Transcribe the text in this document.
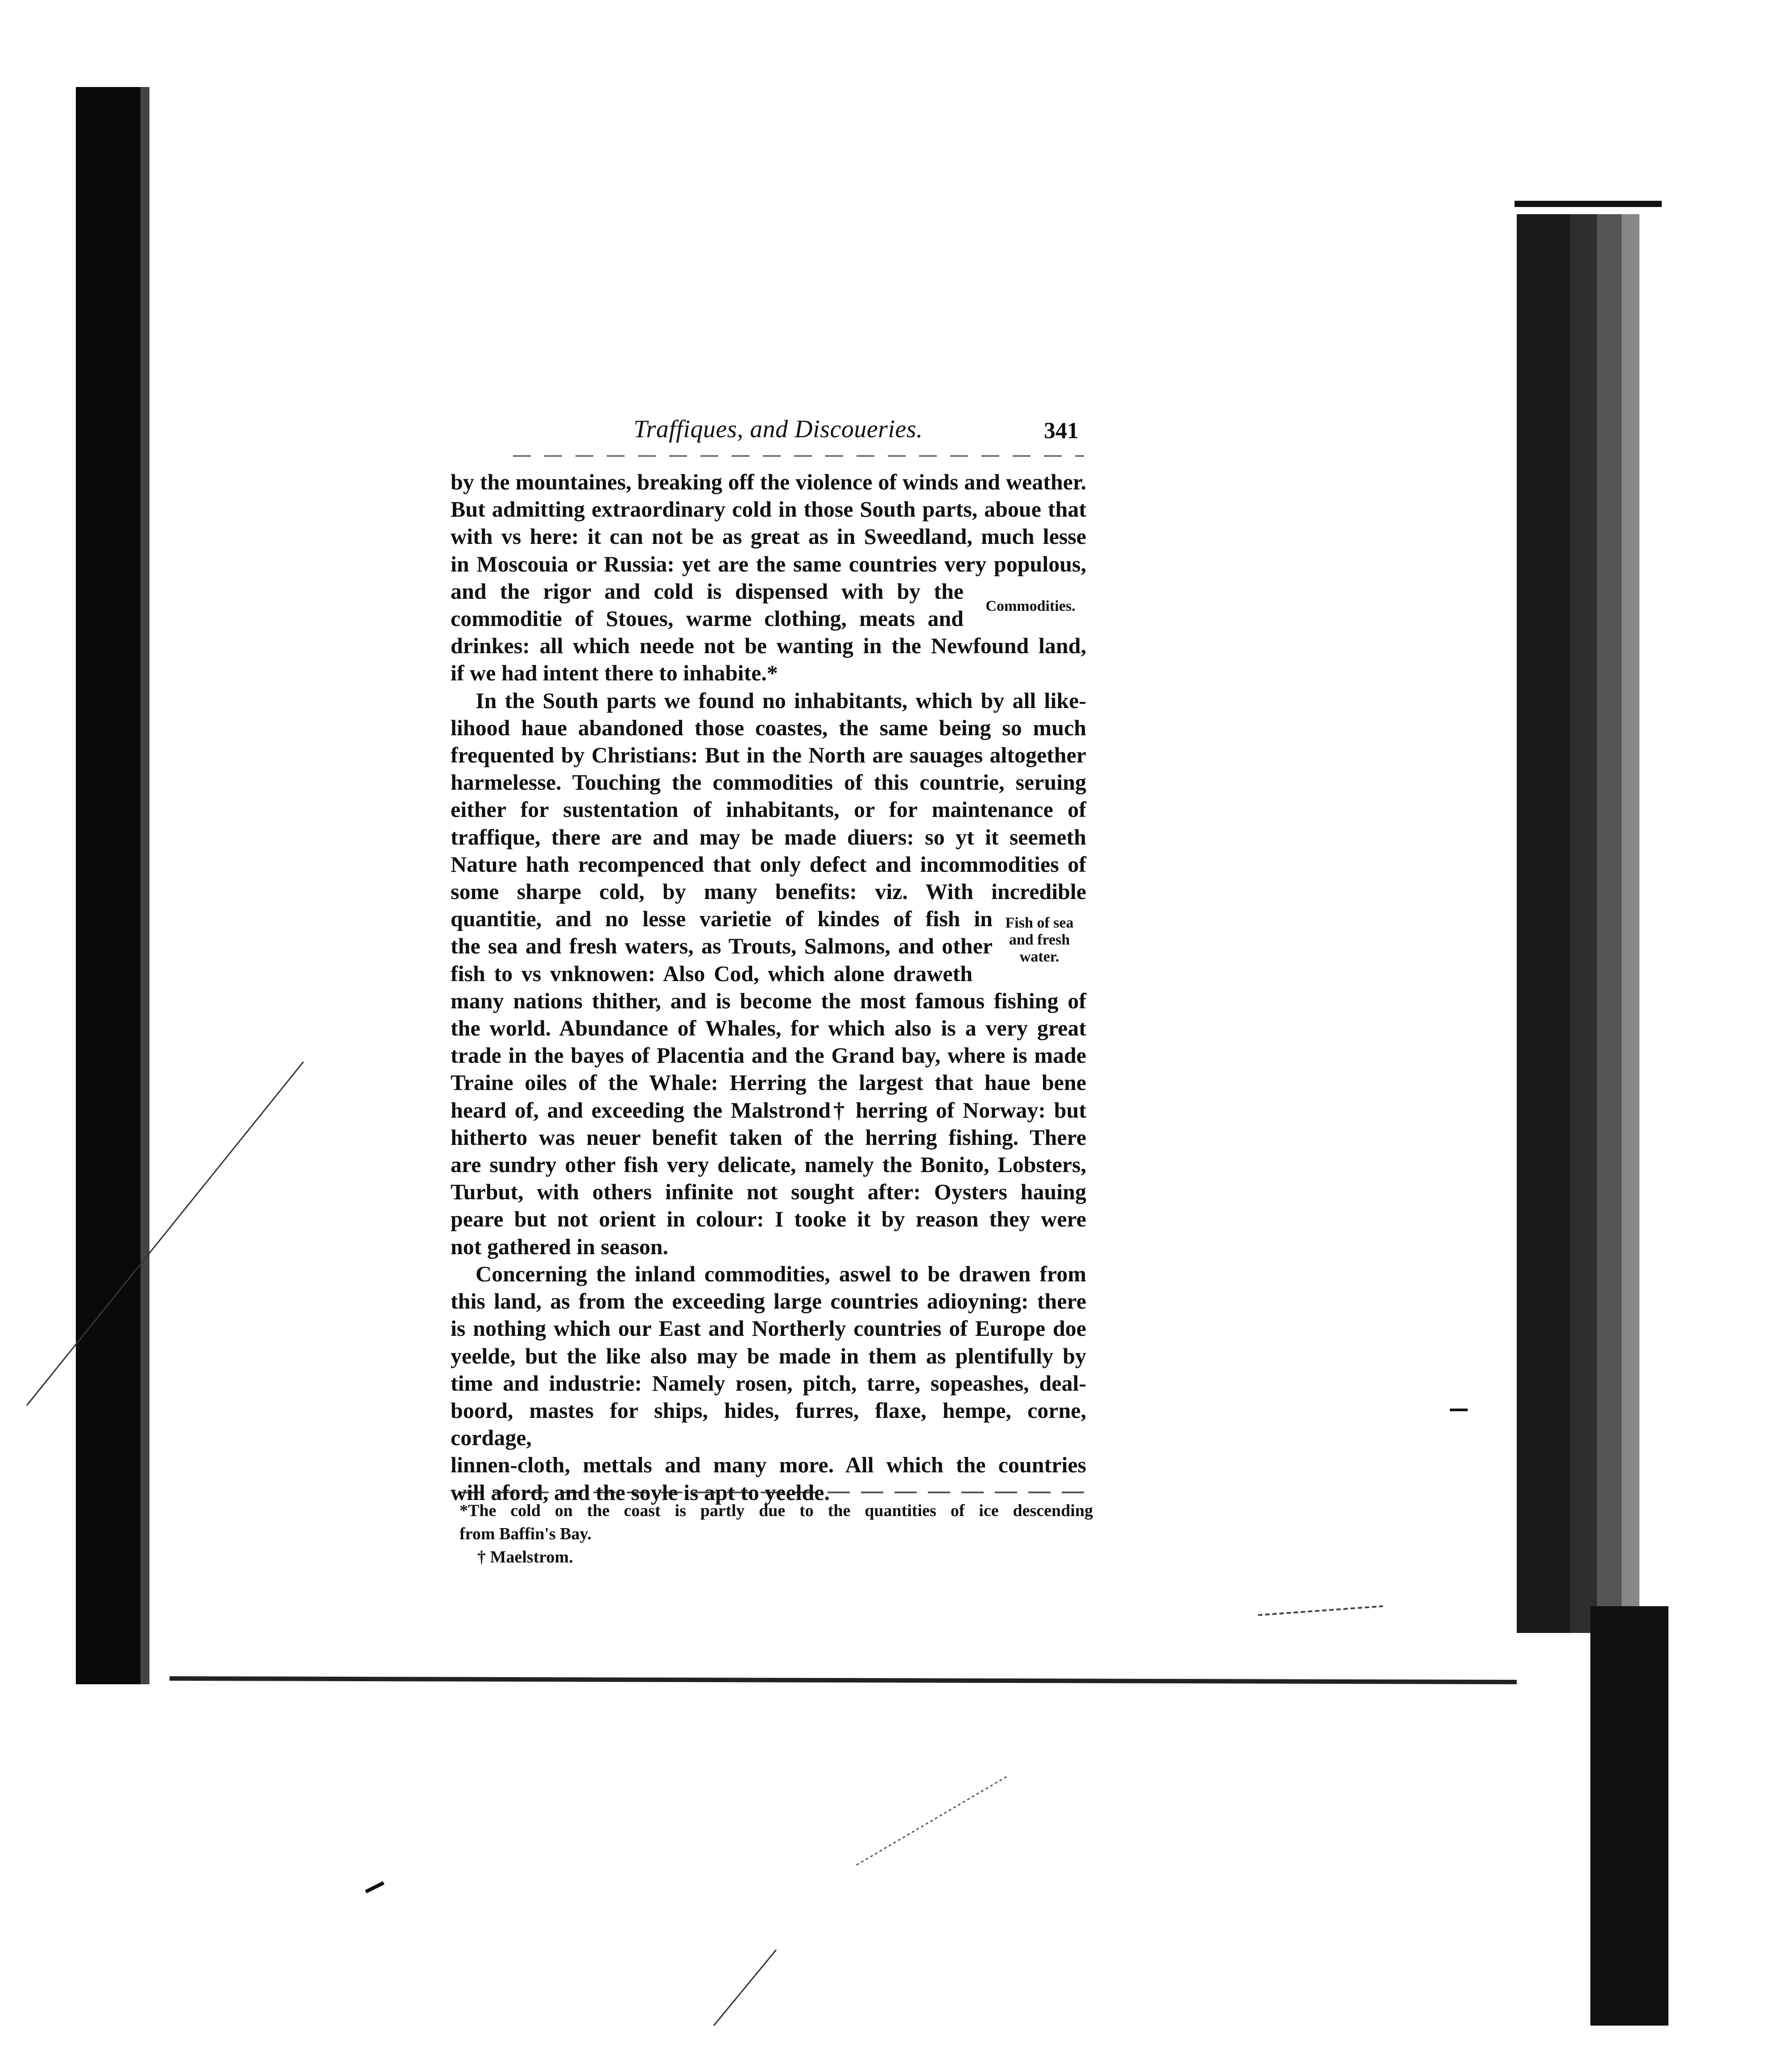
Traffiques, and Discoueries.	341

by the mountaines, breaking off the violence of winds and weather.

But admitting extraordinary cold in those South parts, aboue that

with vs here: it can not be as great as in Sweedland, much lesse

in Moscouia or Russia: yet are the same countries very populous,

and the rigor and cold is dispensed with by the

commoditie of Stoues, warme clothing, meats and

drinkes: all which neede not be wanting in the Newfound land,

if we had intent there to inhabite.*

In the South parts we found no inhabitants, which by all like-

lihood haue abandoned those coastes, the same being so much

frequented by Christians: But in the North are sauages altogether

harmelesse. Touching the commodities of this countrie, seruing

either for sustentation of inhabitants, or for maintenance of

traffique, there are and may be made diuers: so yt it seemeth

Nature hath recompenced that only defect and incommodities of

some sharpe cold, by many benefits: viz. With incredible

quantitie, and no lesse varietie of kindes of fish in

the sea and fresh waters, as Trouts, Salmons, and other

fish to vs vnknowen: Also Cod, which alone draweth

many nations thither, and is become the most famous fishing of

the world. Abundance of Whales, for which also is a very great

trade in the bayes of Placentia and the Grand bay, where is made

Traine oiles of the Whale: Herring the largest that haue bene

heard of, and exceeding the Malstrond† herring of Norway: but

hitherto was neuer benefit taken of the herring fishing. There

are sundry other fish very delicate, namely the Bonito, Lobsters,

Turbut, with others infinite not sought after: Oysters hauing

peare but not orient in colour: I tooke it by reason they were

not gathered in season.

Concerning the inland commodities, aswel to be drawen from

this land, as from the exceeding large countries adioyning: there

is nothing which our East and Northerly countries of Europe doe

yeelde, but the like also may be made in them as plentifully by

time and industrie: Namely rosen, pitch, tarre, sopeashes, deal-

boord, mastes for ships, hides, furres, flaxe, hempe, corne, cordage,

linnen-cloth, mettals and many more. All which the countries

will aford, and the soyle is apt to yeelde.

Commodities.
Fish of sea
and fresh
water.

*The cold on the coast is partly due to the quantities of ice descending

from Baffin's Bay.

† Maelstrom.
